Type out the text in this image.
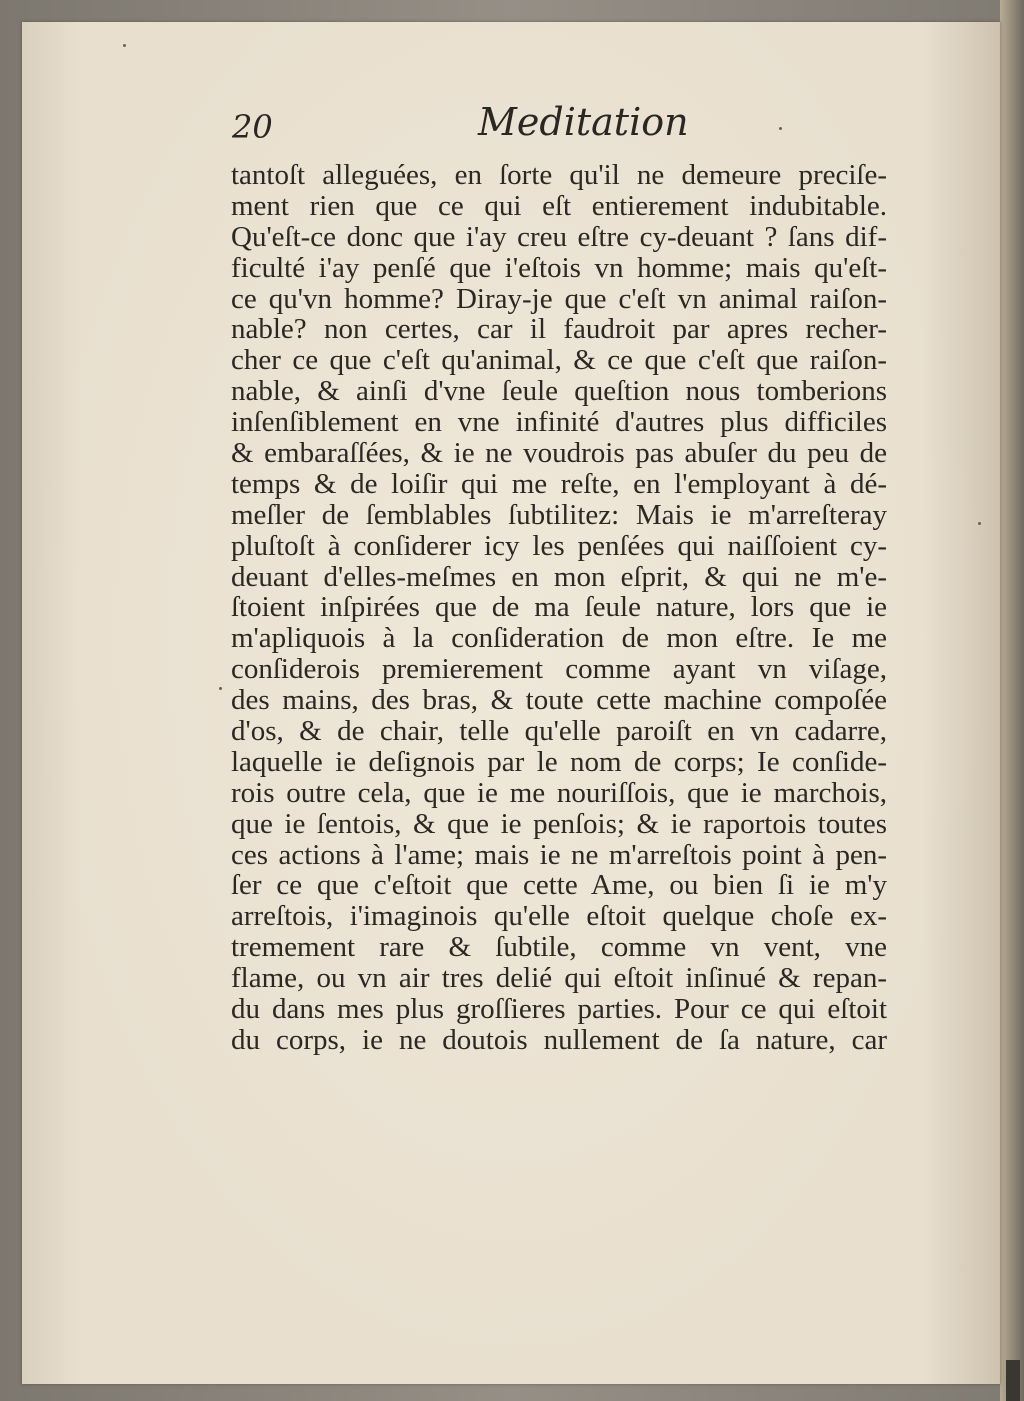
20	Meditation
tantoſt alleguées, en ſorte qu'il ne demeure preciſe-
ment rien que ce qui eſt entierement indubitable.
Qu'eſt-ce donc que i'ay creu eſtre cy-deuant ? ſans dif-
ficulté i'ay penſé que i'eſtois vn homme; mais qu'eſt-
ce qu'vn homme? Diray-je que c'eſt vn animal raiſon-
nable? non certes, car il faudroit par apres recher-
cher ce que c'eſt qu'animal, & ce que c'eſt que raiſon-
nable, & ainſi d'vne ſeule queſtion nous tomberions
inſenſiblement en vne infinité d'autres plus difficiles
& embaraſſées, & ie ne voudrois pas abuſer du peu de
temps & de loiſir qui me reſte, en l'employant à dé-
meſler de ſemblables ſubtilitez: Mais ie m'arreſteray
pluſtoſt à conſiderer icy les penſées qui naiſſoient cy-
deuant d'elles-meſmes en mon eſprit, & qui ne m'e-
ſtoient inſpirées que de ma ſeule nature, lors que ie
m'apliquois à la conſideration de mon eſtre. Ie me
conſiderois premierement comme ayant vn viſage,
des mains, des bras, & toute cette machine compoſée
d'os, & de chair, telle qu'elle paroiſt en vn cadarre,
laquelle ie deſignois par le nom de corps; Ie conſide-
rois outre cela, que ie me nouriſſois, que ie marchois,
que ie ſentois, & que ie penſois; & ie raportois toutes
ces actions à l'ame; mais ie ne m'arreſtois point à pen-
ſer ce que c'eſtoit que cette Ame, ou bien ſi ie m'y
arreſtois, i'imaginois qu'elle eſtoit quelque choſe ex-
tremement rare & ſubtile, comme vn vent, vne
flame, ou vn air tres delié qui eſtoit inſinué & repan-
du dans mes plus groſſieres parties. Pour ce qui eſtoit
du corps, ie ne doutois nullement de ſa nature, car
